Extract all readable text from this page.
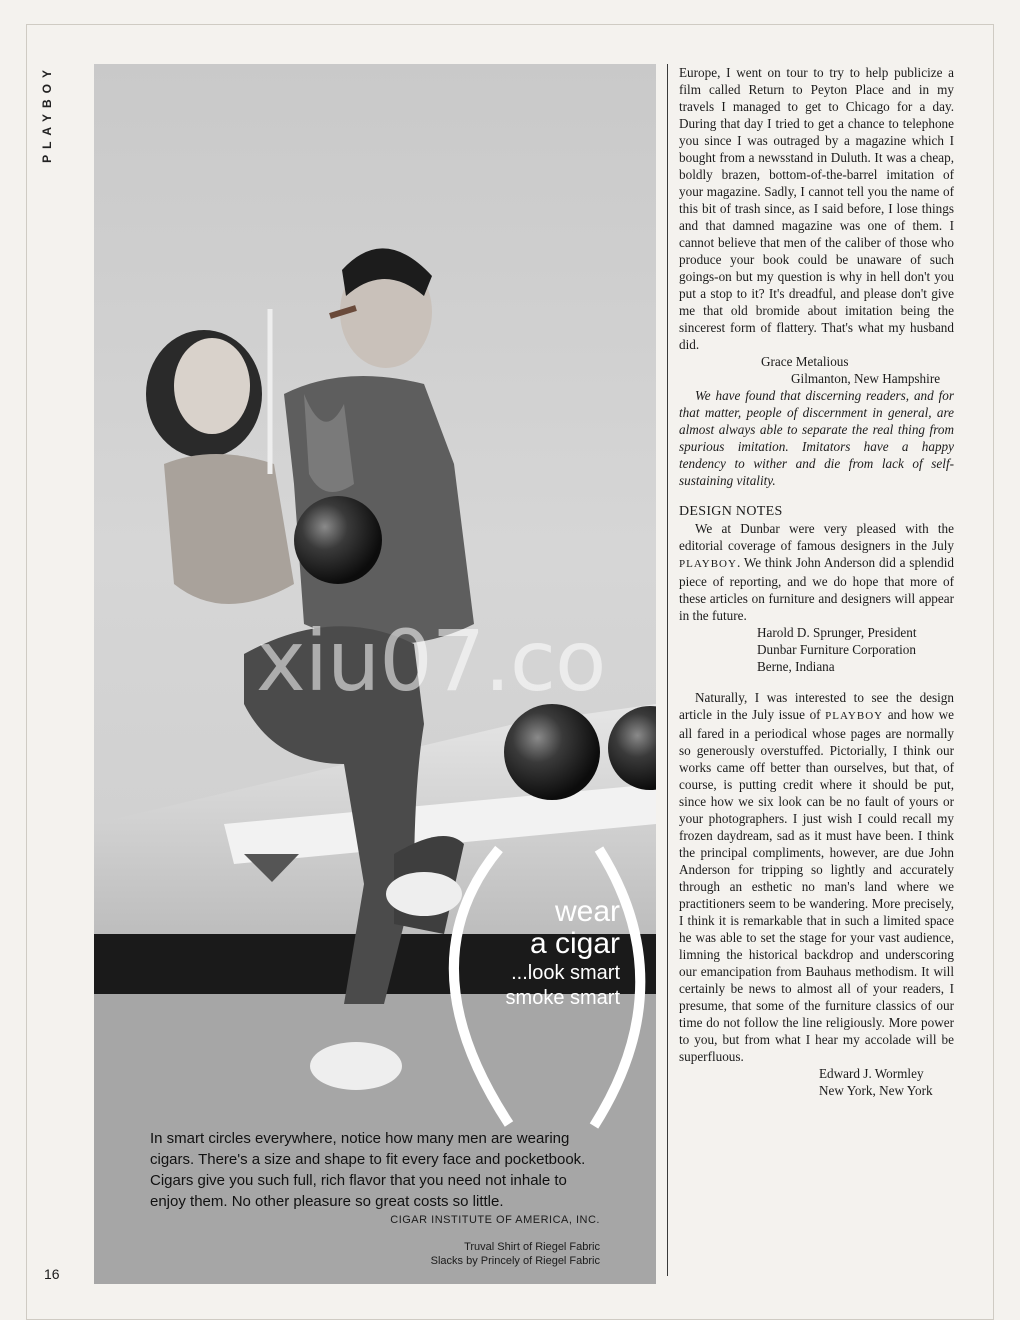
PLAYBOY
16
wear
a cigar
...look smart
smoke smart
In smart circles everywhere, notice how many men are wearing cigars. There's a size and shape to fit every face and pocketbook. Cigars give you such full, rich flavor that you need not inhale to enjoy them. No other pleasure so great costs so little.
CIGAR INSTITUTE OF AMERICA, INC.
Truval Shirt of Riegel Fabric
Slacks by Princely of Riegel Fabric

Europe, I went on tour to try to help publicize a film called Return to Peyton Place and in my travels I managed to get to Chicago for a day. During that day I tried to get a chance to telephone you since I was outraged by a magazine which I bought from a newsstand in Duluth. It was a cheap, boldly brazen, bottom-of-the-barrel imitation of your magazine. Sadly, I cannot tell you the name of this bit of trash since, as I said before, I lose things and that damned magazine was one of them. I cannot believe that men of the caliber of those who produce your book could be unaware of such goings-on but my question is why in hell don't you put a stop to it? It's dreadful, and please don't give me that old bromide about imitation being the sincerest form of flattery. That's what my husband did.

Grace Metalious

Gilmanton, New Hampshire

We have found that discerning readers, and for that matter, people of discernment in general, are almost always able to separate the real thing from spurious imitation. Imitators have a happy tendency to wither and die from lack of self-sustaining vitality.

DESIGN NOTES

We at Dunbar were very pleased with the editorial coverage of famous designers in the July PLAYBOY. We think John Anderson did a splendid piece of reporting, and we do hope that more of these articles on furniture and designers will appear in the future.

Harold D. Sprunger, President

Dunbar Furniture Corporation

Berne, Indiana

Naturally, I was interested to see the design article in the July issue of PLAYBOY and how we all fared in a periodical whose pages are normally so generously overstuffed. Pictorially, I think our works came off better than ourselves, but that, of course, is putting credit where it should be put, since how we six look can be no fault of yours or your photographers. I just wish I could recall my frozen daydream, sad as it must have been. I think the principal compliments, however, are due John Anderson for tripping so lightly and accurately through an esthetic no man's land where we practitioners seem to be wandering. More precisely, I think it is remarkable that in such a limited space he was able to set the stage for your vast audience, limning the historical backdrop and underscoring our emancipation from Bauhaus methodism. It will certainly be news to almost all of your readers, I presume, that some of the furniture classics of our time do not follow the line religiously. More power to you, but from what I hear my accolade will be superfluous.

Edward J. Wormley

New York, New York

xiu07.co
